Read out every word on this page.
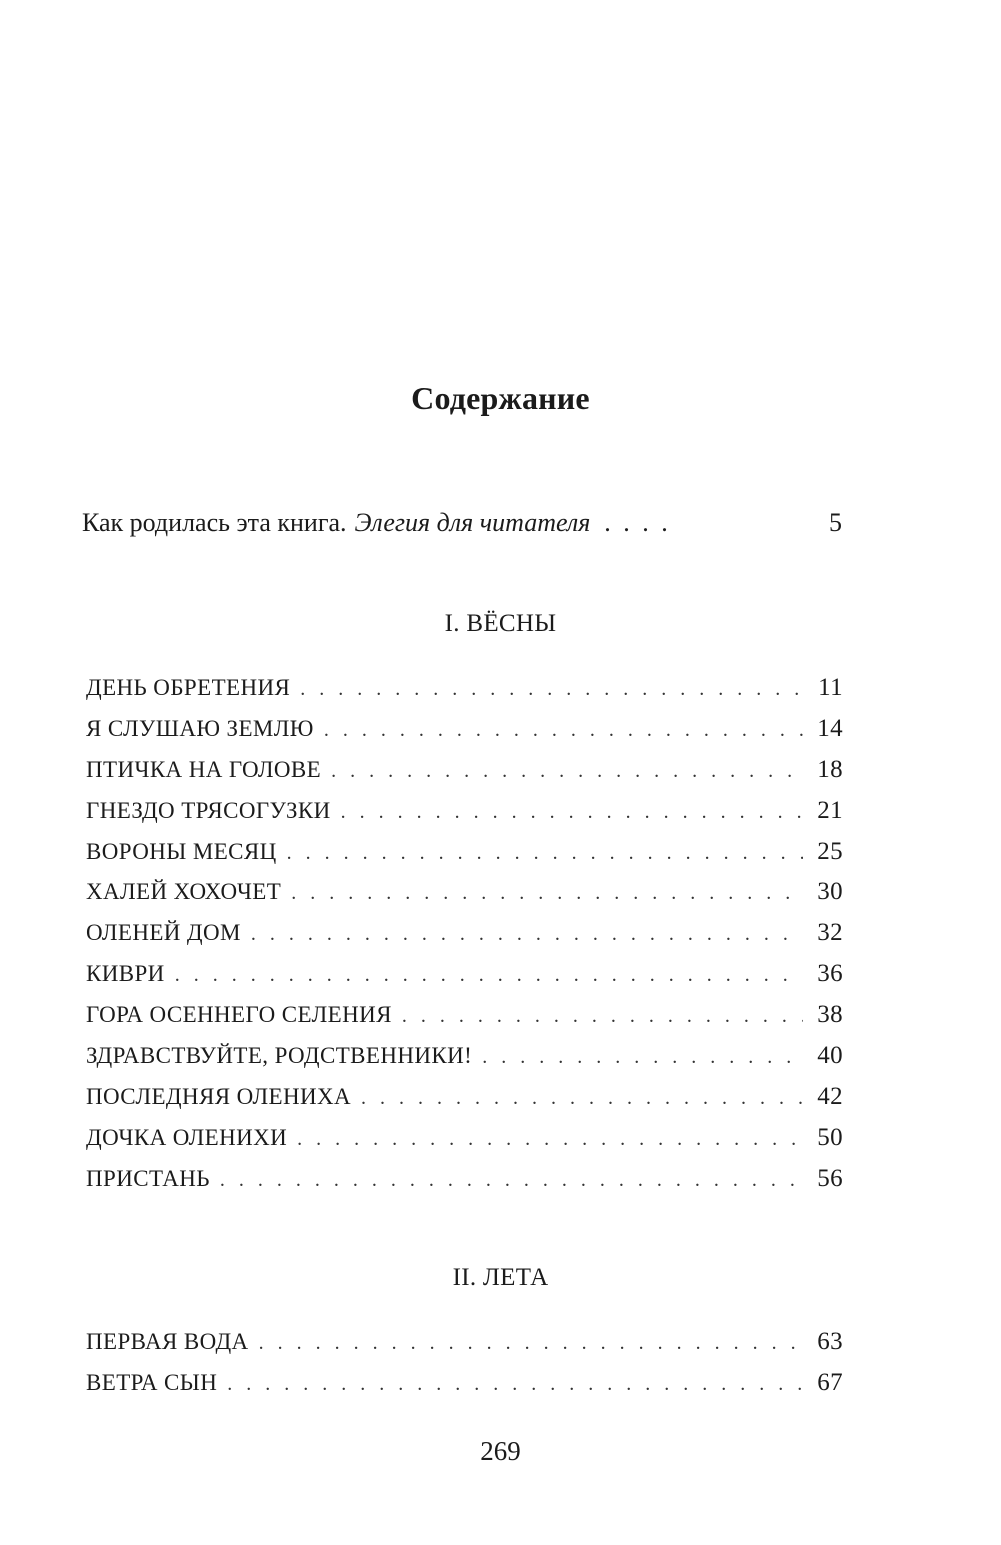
Содержание
Как родилась эта книга. Элегия для читателя . . . .	5
I. ВЁСНЫ
ДЕНЬ ОБРЕТЕНИЯ . . .	11
Я СЛУШАЮ ЗЕМЛЮ . . .	14
ПТИЧКА НА ГОЛОВЕ . . .	18
ГНЕЗДО ТРЯСОГУЗКИ . . .	21
ВОРОНЫ МЕСЯЦ . . .	25
ХАЛЕЙ ХОХОЧЕТ . . .	30
ОЛЕНЕЙ ДОМ . . .	32
КИВРИ . . .	36
ГОРА ОСЕННЕГО СЕЛЕНИЯ . . .	38
ЗДРАВСТВУЙТЕ, РОДСТВЕННИКИ! . . .	40
ПОСЛЕДНЯЯ ОЛЕНИХА . . .	42
ДОЧКА ОЛЕНИХИ . . .	50
ПРИСТАНЬ . . .	56
II. ЛЕТА
ПЕРВАЯ ВОДА . . .	63
ВЕТРА СЫН . . .	67
269
